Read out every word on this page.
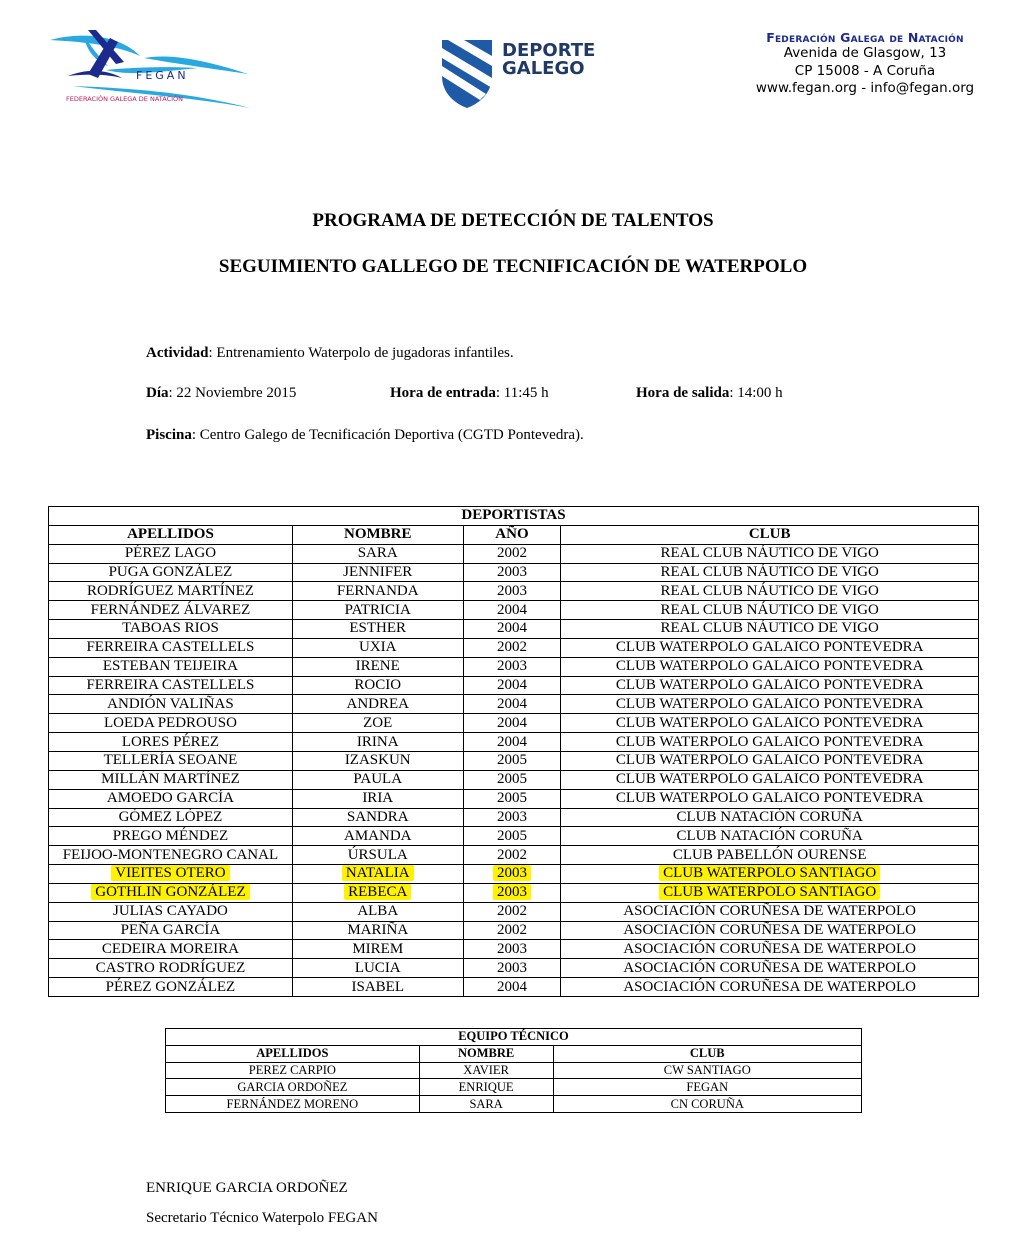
FEGAN
FEDERACIÓN GALEGA DE NATACIÓN
DEPORTE
GALEGO
Federación Galega de Natación
Avenida de Glasgow, 13
CP 15008 - A Coruña
www.fegan.org - info@fegan.org
PROGRAMA DE DETECCIÓN DE TALENTOS
SEGUIMIENTO GALLEGO DE TECNIFICACIÓN DE WATERPOLO
Actividad: Entrenamiento Waterpolo de jugadoras infantiles.
Día: 22 Noviembre 2015	Hora de entrada: 11:45 h	Hora de salida: 14:00 h
Piscina: Centro Galego de Tecnificación Deportiva (CGTD Pontevedra).
DEPORTISTAS			
APELLIDOS	NOMBRE	AÑO	CLUB
PÉREZ LAGO	SARA	2002	REAL CLUB NÁUTICO DE VIGO
PUGA GONZÁLEZ	JENNIFER	2003	REAL CLUB NÁUTICO DE VIGO
RODRÍGUEZ MARTÍNEZ	FERNANDA	2003	REAL CLUB NÁUTICO DE VIGO
FERNÁNDEZ ÁLVAREZ	PATRICIA	2004	REAL CLUB NÁUTICO DE VIGO
TABOAS RIOS	ESTHER	2004	REAL CLUB NÁUTICO DE VIGO
FERREIRA CASTELLELS	UXIA	2002	CLUB WATERPOLO GALAICO PONTEVEDRA
ESTEBAN TEIJEIRA	IRENE	2003	CLUB WATERPOLO GALAICO PONTEVEDRA
FERREIRA CASTELLELS	ROCIO	2004	CLUB WATERPOLO GALAICO PONTEVEDRA
ANDIÓN VALIÑAS	ANDREA	2004	CLUB WATERPOLO GALAICO PONTEVEDRA
LOEDA PEDROUSO	ZOE	2004	CLUB WATERPOLO GALAICO PONTEVEDRA
LORES PÉREZ	IRINA	2004	CLUB WATERPOLO GALAICO PONTEVEDRA
TELLERÍA SEOANE	IZASKUN	2005	CLUB WATERPOLO GALAICO PONTEVEDRA
MILLÁN MARTÍNEZ	PAULA	2005	CLUB WATERPOLO GALAICO PONTEVEDRA
AMOEDO GARCÍA	IRIA	2005	CLUB WATERPOLO GALAICO PONTEVEDRA
GÓMEZ LÓPEZ	SANDRA	2003	CLUB NATACIÓN CORUÑA
PREGO MÉNDEZ	AMANDA	2005	CLUB NATACIÓN CORUÑA
FEIJOO-MONTENEGRO CANAL	ÚRSULA	2002	CLUB PABELLÓN OURENSE
VIEITES OTERO	NATALIA	2003	CLUB WATERPOLO SANTIAGO
GOTHLIN GONZÁLEZ	REBECA	2003	CLUB WATERPOLO SANTIAGO
JULIAS CAYADO	ALBA	2002	ASOCIACIÓN CORUÑESA DE WATERPOLO
PEÑA GARCÍA	MARIÑA	2002	ASOCIACIÓN CORUÑESA DE WATERPOLO
CEDEIRA MOREIRA	MIREM	2003	ASOCIACIÓN CORUÑESA DE WATERPOLO
CASTRO RODRÍGUEZ	LUCIA	2003	ASOCIACIÓN CORUÑESA DE WATERPOLO
PÉREZ GONZÁLEZ	ISABEL	2004	ASOCIACIÓN CORUÑESA DE WATERPOLO
EQUIPO TÉCNICO		
APELLIDOS	NOMBRE	CLUB
PEREZ CARPIO	XAVIER	CW SANTIAGO
GARCIA ORDOÑEZ	ENRIQUE	FEGAN
FERNÁNDEZ MORENO	SARA	CN CORUÑA
ENRIQUE GARCIA ORDOÑEZ
Secretario Técnico Waterpolo FEGAN
